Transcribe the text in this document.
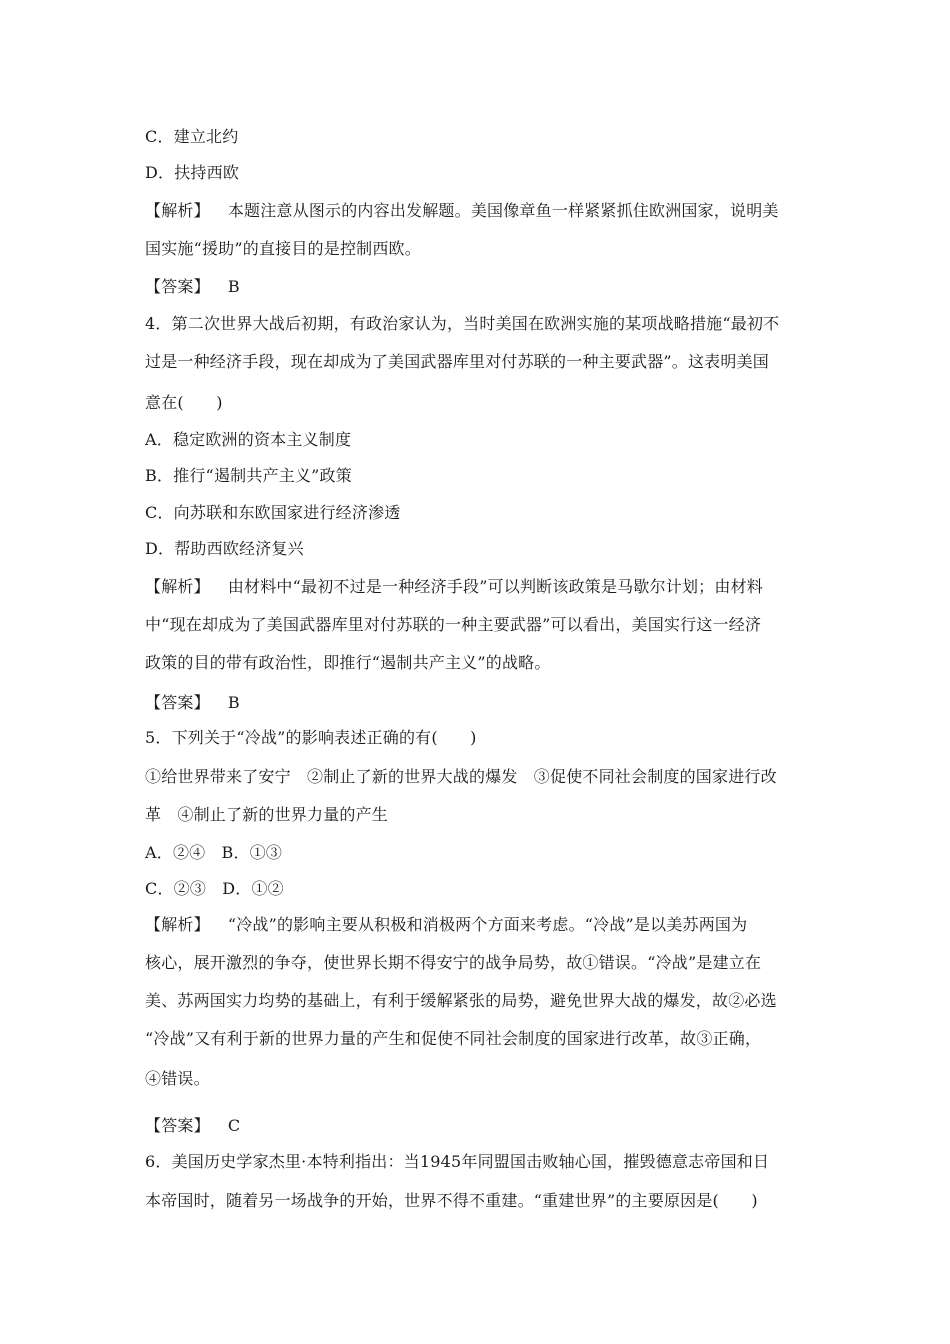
C．建立北约
D．扶持西欧
【解析】 本题注意从图示的内容出发解题。美国像章鱼一样紧紧抓住欧洲国家，说明美
国实施“援助”的直接目的是控制西欧。
【答案】 B
4．第二次世界大战后初期，有政治家认为，当时美国在欧洲实施的某项战略措施“最初不
过是一种经济手段，现在却成为了美国武器库里对付苏联的一种主要武器”。这表明美国
意在(　　)
A．稳定欧洲的资本主义制度
B．推行“遏制共产主义”政策
C．向苏联和东欧国家进行经济渗透
D．帮助西欧经济复兴
【解析】 由材料中“最初不过是一种经济手段”可以判断该政策是马歇尔计划；由材料
中“现在却成为了美国武器库里对付苏联的一种主要武器”可以看出，美国实行这一经济
政策的目的带有政治性，即推行“遏制共产主义”的战略。
【答案】 B
5．下列关于“冷战”的影响表述正确的有(　　)
①给世界带来了安宁　②制止了新的世界大战的爆发　③促使不同社会制度的国家进行改
革　④制止了新的世界力量的产生
A．②④　B．①③
C．②③　D．①②
【解析】 “冷战”的影响主要从积极和消极两个方面来考虑。“冷战”是以美苏两国为
核心，展开激烈的争夺，使世界长期不得安宁的战争局势，故①错误。“冷战”是建立在
美、苏两国实力均势的基础上，有利于缓解紧张的局势，避免世界大战的爆发，故②必选
“冷战”又有利于新的世界力量的产生和促使不同社会制度的国家进行改革，故③正确，
④错误。
【答案】 C
6．美国历史学家杰里·本特利指出：当1945年同盟国击败轴心国，摧毁德意志帝国和日
本帝国时，随着另一场战争的开始，世界不得不重建。“重建世界”的主要原因是(　　)
